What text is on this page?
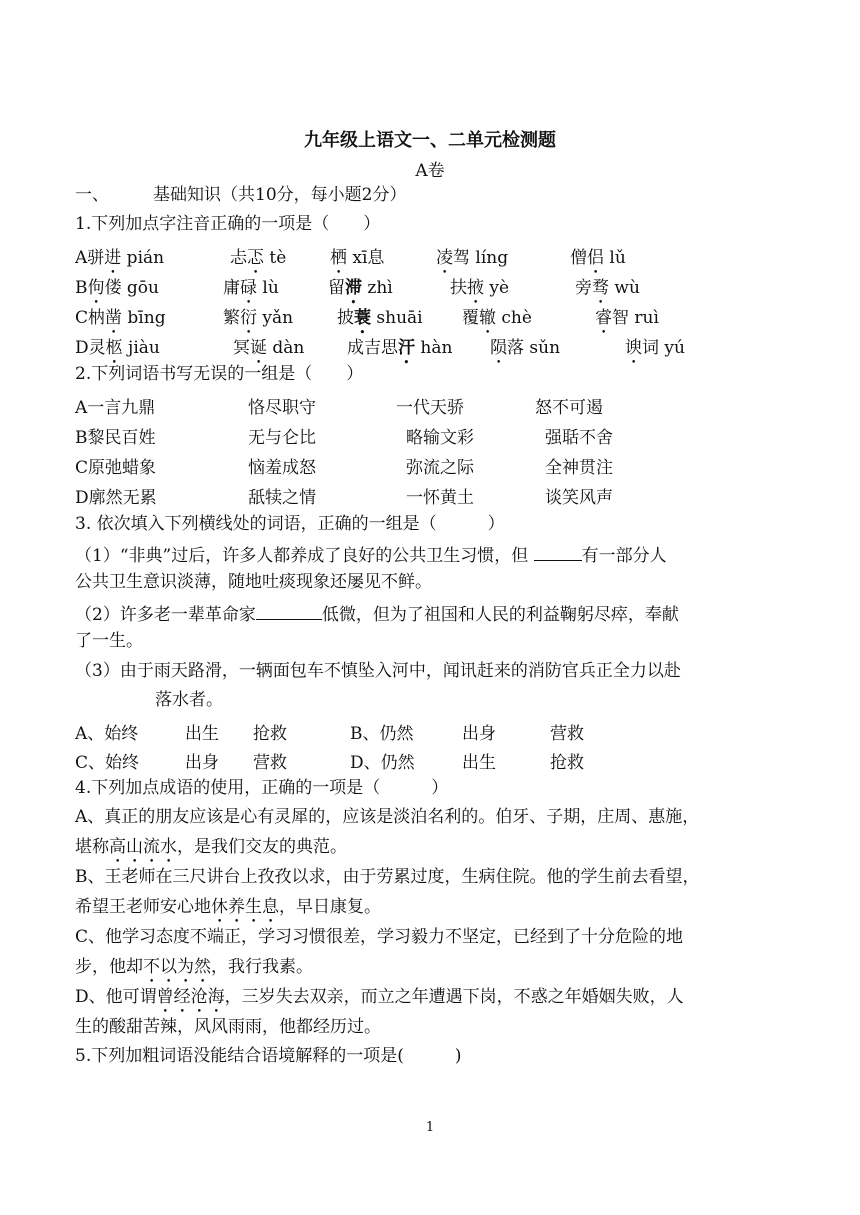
九年级上语文一、二单元检测题
A卷
一、	基础知识（共10分，每小题2分）
1.下列加点字注音正确的一项是（　　）
A骈进 pián	忐忑 tè	栖 xī息	凌驾 líng	僧侣 lǔ
B佝偻 gōu	庸碌 lù	留滞 zhì	扶掖 yè	旁骛 wù
C枘凿 bīng	繁衍 yǎn	披蓑 shuāi 覆辙 chè	睿智 ruì
D灵柩 jiàu	冥诞 dàn	成吉思汗 hàn 陨落 sǔn	谀词 yú
2.下列词语书写无误的一组是（　　）
A一言九鼎	恪尽职守	一代天骄	怒不可遏
B黎民百姓	无与仑比	略输文彩	强聒不舍
C原弛蜡象	恼羞成怒	弥流之际	全神贯注
D廓然无累	舐犊之情	一怀黄土	谈笑风声
3. 依次填入下列横线处的词语，正确的一组是（　　　）
（1）“非典”过后，许多人都养成了良好的公共卫生习惯，但	有一部分人
公共卫生意识淡薄，随地吐痰现象还屡见不鲜。
（2）许多老一辈革命家	低微，但为了祖国和人民的利益鞠躬尽瘁，奉献
了一生。
（3）由于雨天路滑，一辆面包车不慎坠入河中，闻讯赶来的消防官兵正全力以赴
落水者。
A、始终	出生 抢救	B、仍然	出身	营救
C、始终	出身 营救	D、仍然	出生	抢救
4.下列加点成语的使用，正确的一项是（　　　）
A、真正的朋友应该是心有灵犀的，应该是淡泊名利的。伯牙、子期，庄周、惠施，
堪称高山流水，是我们交友的典范。
B、王老师在三尺讲台上孜孜以求，由于劳累过度，生病住院。他的学生前去看望，
希望王老师安心地休养生息，早日康复。
C、他学习态度不端正，学习习惯很差，学习毅力不坚定，已经到了十分危险的地
步，他却不以为然，我行我素。
D、他可谓曾经沧海，三岁失去双亲，而立之年遭遇下岗，不惑之年婚姻失败，人
生的酸甜苦辣，风风雨雨，他都经历过。
5.下列加粗词语没能结合语境解释的一项是(　　　)
1
